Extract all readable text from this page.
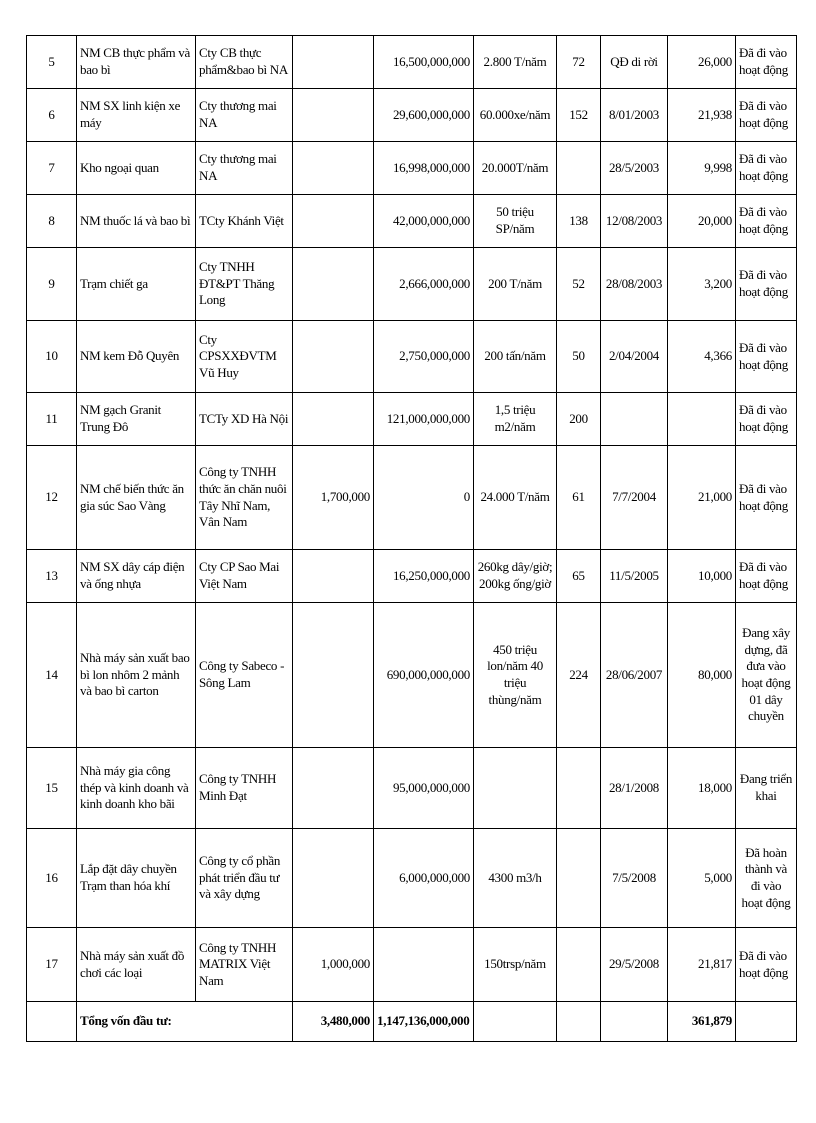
5	NM CB thực phẩm và bao bì	Cty CB thực phẩm&bao bì NA		16,500,000,000	2.800 T/năm	72	QĐ di rời	26,000	Đã đi vào hoạt động
6	NM SX linh kiện xe máy	Cty thương mai NA		29,600,000,000	60.000xe/năm	152	8/01/2003	21,938	Đã đi vào hoạt động
7	Kho ngoại quan	Cty thương mai NA		16,998,000,000	20.000T/năm		28/5/2003	9,998	Đã đi vào hoạt động
8	NM thuốc lá và bao bì	TCty Khánh Việt		42,000,000,000	50 triệu SP/năm	138	12/08/2003	20,000	Đã đi vào hoạt động
9	Trạm chiết ga	Cty TNHH ĐT&PT Thăng Long		2,666,000,000	200 T/năm	52	28/08/2003	3,200	Đã đi vào hoạt động
10	NM kem Đỗ Quyên	Cty CPSXXĐVTM Vũ Huy		2,750,000,000	200 tấn/năm	50	2/04/2004	4,366	Đã đi vào hoạt động
11	NM gạch Granit Trung Đô	TCTy XD Hà Nội		121,000,000,000	1,5 triệu m2/năm	200			Đã đi vào hoạt động
12	NM chế biến thức ăn gia súc Sao Vàng	Công ty TNHH thức ăn chăn nuôi Tây Nhĩ Nam, Vân Nam	1,700,000	0	24.000 T/năm	61	7/7/2004	21,000	Đã đi vào hoạt động
13	NM SX dây cáp điện và ống nhựa	Cty CP Sao Mai Việt Nam		16,250,000,000	260kg dây/giờ; 200kg ống/giờ	65	11/5/2005	10,000	Đã đi vào hoạt động
14	Nhà máy sản xuất bao bì lon nhôm 2 mảnh và bao bì carton	Công ty Sabeco - Sông Lam		690,000,000,000	450 triệu lon/năm 40 triệu thùng/năm	224	28/06/2007	80,000	Đang xây dựng, đã đưa vào hoạt động 01 dây chuyền
15	Nhà máy gia công thép và kinh doanh và kinh doanh kho bãi	Công ty TNHH Minh Đạt		95,000,000,000			28/1/2008	18,000	Đang triển khai
16	Lắp đặt dây chuyền Trạm than hóa khí	Công ty cổ phần phát triển đầu tư và xây dựng		6,000,000,000	4300 m3/h		7/5/2008	5,000	Đã hoàn thành và đi vào hoạt động
17	Nhà máy sản xuất đồ chơi các loại	Công ty TNHH MATRIX Việt Nam	1,000,000		150trsp/năm		29/5/2008	21,817	Đã đi vào hoạt động
	Tổng vốn đầu tư:		3,480,000	1,147,136,000,000				361,879	
